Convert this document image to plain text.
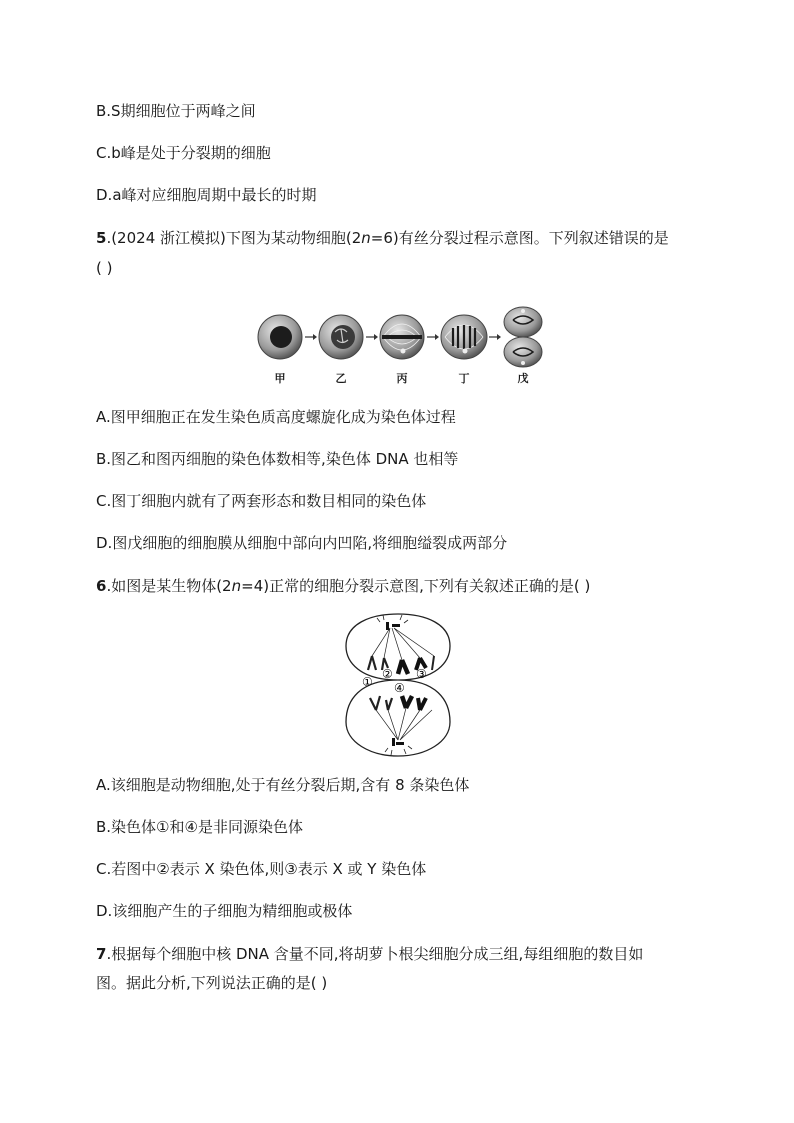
B.S期细胞位于两峰之间
C.b峰是处于分裂期的细胞
D.a峰对应细胞周期中最长的时期
5.(2024 浙江模拟)下图为某动物细胞(2n=6)有丝分裂过程示意图。下列叙述错误的是
( )
甲	乙	丙	丁	戊
A.图甲细胞正在发生染色质高度螺旋化成为染色体过程
B.图乙和图丙细胞的染色体数相等,染色体 DNA 也相等
C.图丁细胞内就有了两套形态和数目相同的染色体
D.图戊细胞的细胞膜从细胞中部向内凹陷,将细胞缢裂成两部分
6.如图是某生物体(2n=4)正常的细胞分裂示意图,下列有关叙述正确的是( )
①
② ③
④
A.该细胞是动物细胞,处于有丝分裂后期,含有 8 条染色体
B.染色体①和④是非同源染色体
C.若图中②表示 X 染色体,则③表示 X 或 Y 染色体
D.该细胞产生的子细胞为精细胞或极体
7.根据每个细胞中核 DNA 含量不同,将胡萝卜根尖细胞分成三组,每组细胞的数目如
图。据此分析,下列说法正确的是( )
